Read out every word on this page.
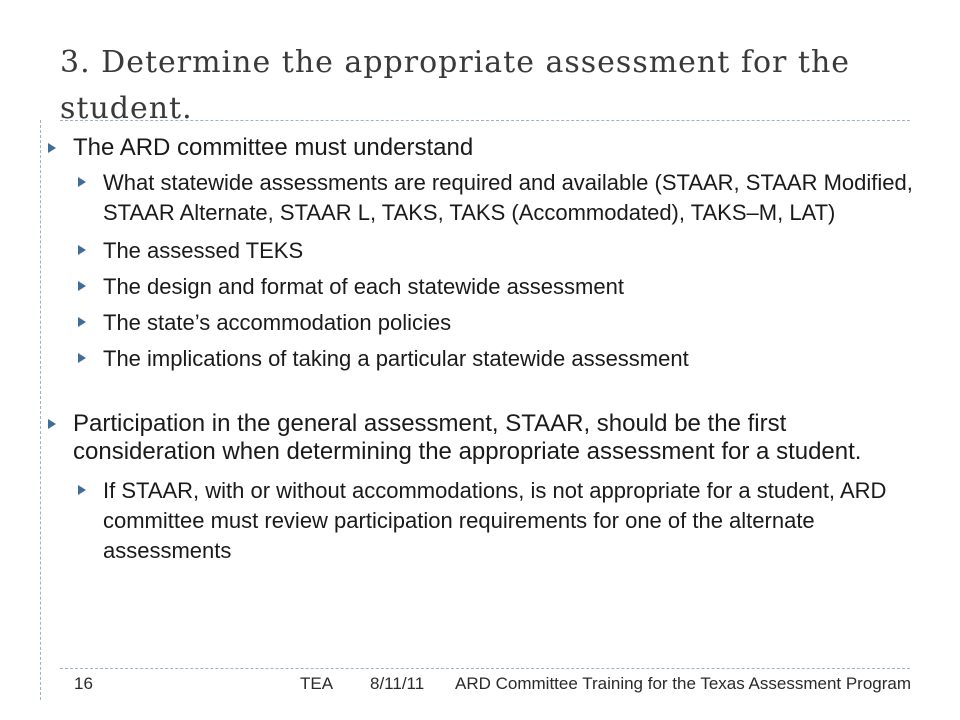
3. Determine the appropriate assessment for the student.
The ARD committee must understand
What statewide assessments are required and available (STAAR, STAAR Modified, STAAR Alternate, STAAR L, TAKS, TAKS (Accommodated), TAKS–M, LAT)
The assessed TEKS
The design and format of each statewide assessment
The state’s accommodation policies
The implications of taking a particular statewide assessment
Participation in the general assessment, STAAR, should be the first consideration when determining the appropriate assessment for a student.
If STAAR, with or without accommodations, is not appropriate for a student, ARD committee must review participation requirements for one of the alternate assessments
16	TEA 8/11/11 ARD Committee Training for the Texas Assessment Program
